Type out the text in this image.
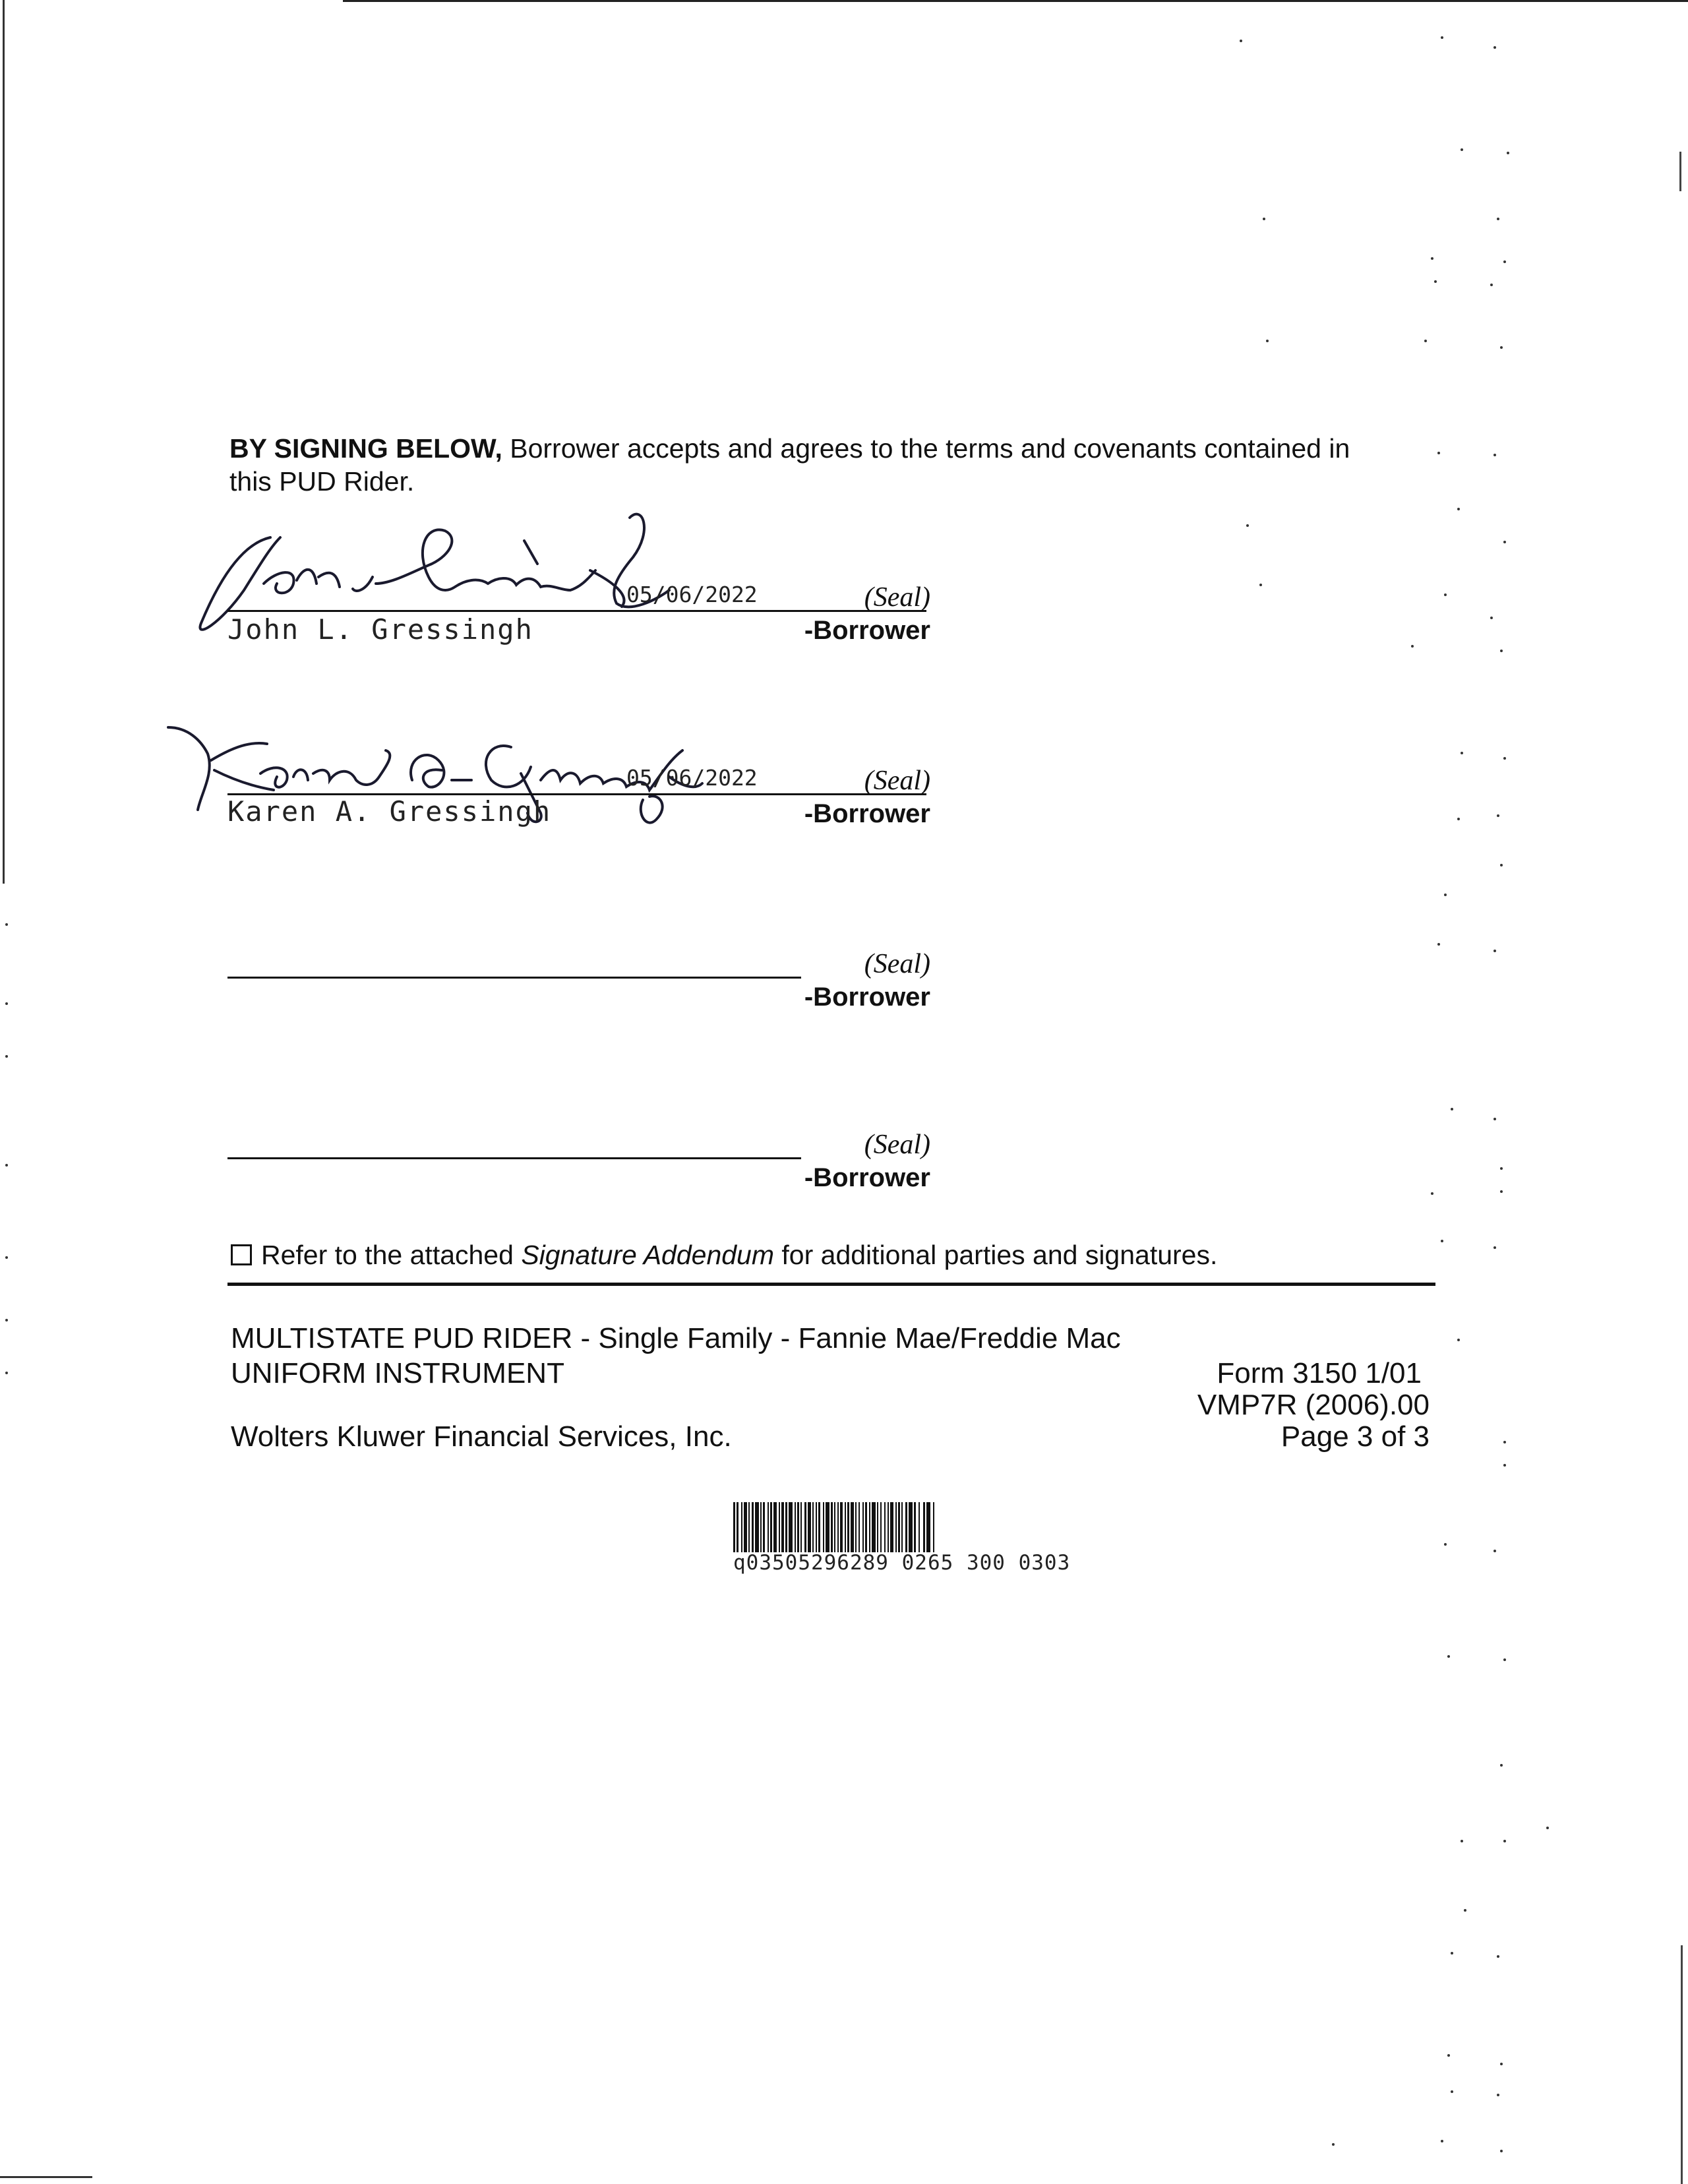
BY SIGNING BELOW, Borrower accepts and agrees to the terms and covenants contained in this PUD Rider.
05/06/2022
John L. Gressingh
(Seal)
-Borrower
05/06/2022
Karen A. Gressingh
(Seal)
-Borrower
(Seal)
-Borrower
(Seal)
-Borrower
Refer to the attached Signature Addendum for additional parties and signatures.
MULTISTATE PUD RIDER - Single Family - Fannie Mae/Freddie Mac
UNIFORM INSTRUMENT	Form 3150 1/01
VMP7R (2006).00
Wolters Kluwer Financial Services, Inc.	Page 3 of 3
q03505296289 0265 300 0303
